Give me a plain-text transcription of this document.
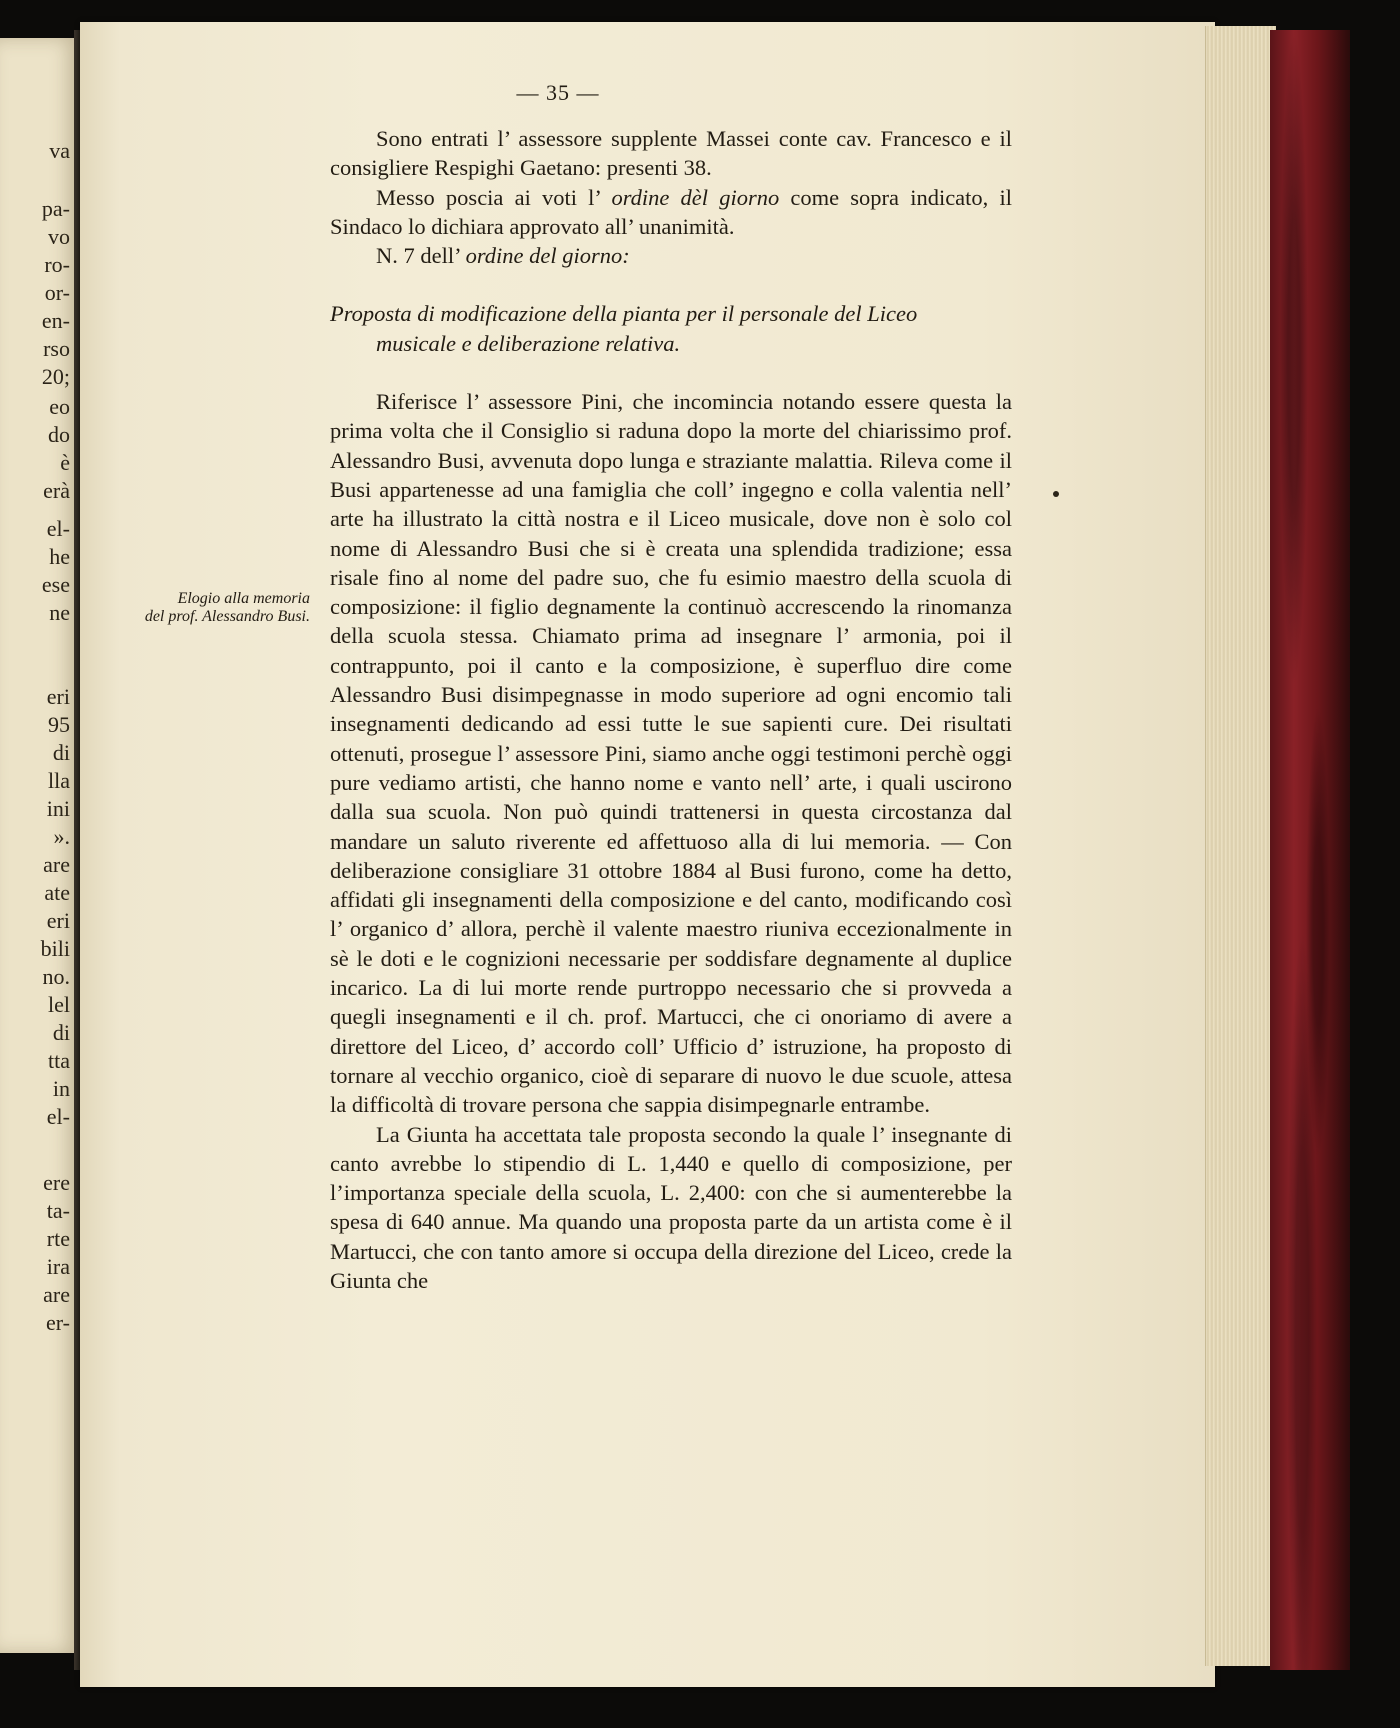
va
pa-
vo
ro-
or-
en-
rso
20;
eo
do
è
erà
el-
he
ese
ne
eri
95
di
lla
ini
».
are
ate
eri
bili
no.
lel
di
tta
in
el-
ere
ta-
rte
ira
are
er-
— 35 —
Elogio alla memoria
del prof. Alessandro Busi.

Sono entrati l’ assessore supplente Massei conte cav. Francesco e il consigliere Respighi Gaetano: presenti 38.

Messo poscia ai voti l’ ordine dèl giorno come sopra indicato, il Sindaco lo dichiara approvato all’ unanimità.

N. 7 dell’ ordine del giorno:

Proposta di modificazione della pianta per il personale del Liceo

musicale e deliberazione relativa.

Riferisce l’ assessore Pini, che incomincia notando essere questa la prima volta che il Consiglio si raduna dopo la morte del chiarissimo prof. Alessandro Busi, avvenuta dopo lunga e straziante malattia. Rileva come il Busi appartenesse ad una famiglia che coll’ ingegno e colla valentia nell’ arte ha illustrato la città nostra e il Liceo musicale, dove non è solo col nome di Alessandro Busi che si è creata una splendida tradizione; essa risale fino al nome del padre suo, che fu esimio maestro della scuola di composizione: il figlio degnamente la continuò accrescendo la rinomanza della scuola stessa. Chiamato prima ad insegnare l’ armonia, poi il contrappunto, poi il canto e la composizione, è superfluo dire come Alessandro Busi disimpegnasse in modo superiore ad ogni encomio tali insegnamenti dedicando ad essi tutte le sue sapienti cure. Dei risultati ottenuti, prosegue l’ assessore Pini, siamo anche oggi testimoni perchè oggi pure vediamo artisti, che hanno nome e vanto nell’ arte, i quali uscirono dalla sua scuola. Non può quindi trattenersi in questa circostanza dal mandare un saluto riverente ed affettuoso alla di lui memoria. — Con deliberazione consigliare 31 ottobre 1884 al Busi furono, come ha detto, affidati gli insegnamenti della composizione e del canto, modificando così l’ organico d’ allora, perchè il valente maestro riuniva eccezionalmente in sè le doti e le cognizioni necessarie per soddisfare degnamente al duplice incarico. La di lui morte rende purtroppo necessario che si provveda a quegli insegnamenti e il ch. prof. Martucci, che ci onoriamo di avere a direttore del Liceo, d’ accordo coll’ Ufficio d’ istruzione, ha proposto di tornare al vecchio organico, cioè di separare di nuovo le due scuole, attesa la difficoltà di trovare persona che sappia disimpegnarle entrambe.

La Giunta ha accettata tale proposta secondo la quale l’ insegnante di canto avrebbe lo stipendio di L. 1,440 e quello di composizione, per l’importanza speciale della scuola, L. 2,400: con che si aumenterebbe la spesa di 640 annue. Ma quando una proposta parte da un artista come è il Martucci, che con tanto amore si occupa della direzione del Liceo, crede la Giunta che
